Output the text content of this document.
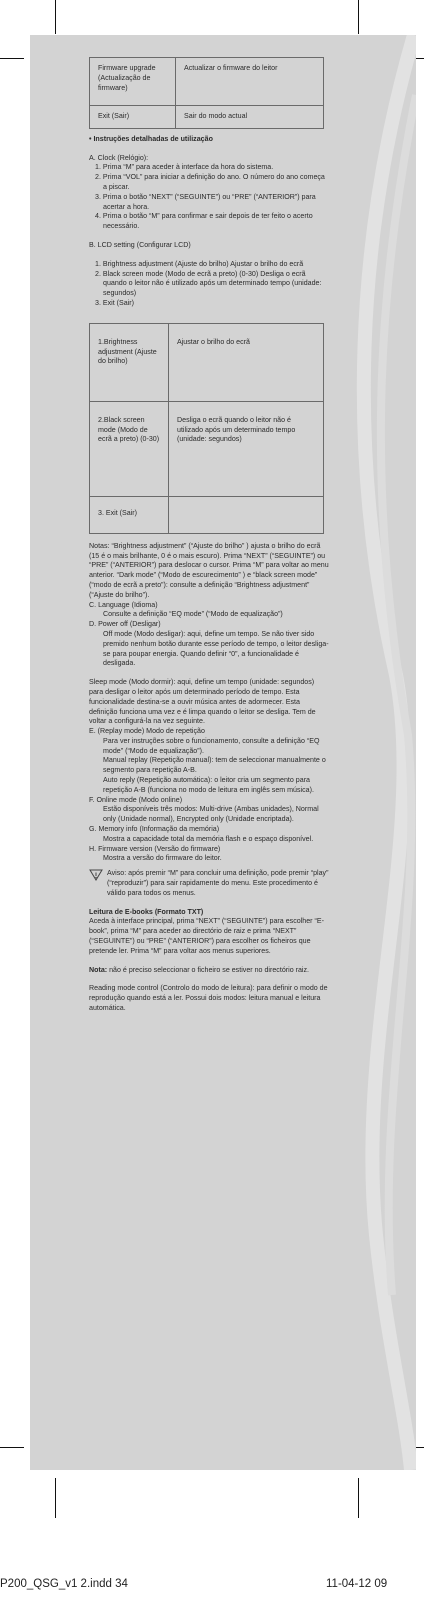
Firmware upgrade (Actualização de firmware)	Actualizar o firmware do leitor
Exit (Sair)	Sair do modo actual

• Instruções detalhadas de utilização

A. Clock (Relógio):

1. Prima “M” para aceder à interface da hora do sistema.

2. Prima “VOL” para iniciar a definição do ano. O número do ano começa a piscar.

3. Prima o botão “NEXT” (“SEGUINTE”) ou “PRE” (“ANTERIOR”) para acertar a hora.

4. Prima o botão “M” para confirmar e sair depois de ter feito o acerto necessário.

B. LCD setting (Configurar LCD)

1. Brightness adjustment (Ajuste do brilho) Ajustar o brilho do ecrã

2. Black screen mode (Modo de ecrã a preto) (0-30) Desliga o ecrã quando o leitor não é utilizado após um determinado tempo (unidade: segundos)

3. Exit (Sair)

1.Brightness adjustment (Ajuste do brilho)	Ajustar o brilho do ecrã
2.Black screen mode (Modo de ecrã a preto) (0-30)	Desliga o ecrã quando o leitor não é utilizado após um determinado tempo (unidade: segundos)
3. Exit (Sair)	

Notas: “Brightness adjustment” (“Ajuste do brilho” ) ajusta o brilho do ecrã (15 é o mais brilhante, 0 é o mais escuro). Prima “NEXT” (“SEGUINTE”) ou “PRE” (“ANTERIOR”) para deslocar o cursor. Prima “M” para voltar ao menu anterior. “Dark mode” (“Modo de escurecimento” ) e “black screen mode” (“modo de ecrã a preto”): consulte a definição “Brightness adjustment” (“Ajuste do brilho”).

C. Language (Idioma)

Consulte a definição “EQ mode” (“Modo de equalização”)

D. Power off (Desligar)

Off mode (Modo desligar): aqui, define um tempo. Se não tiver sido premido nenhum botão durante esse período de tempo, o leitor desliga-se para poupar energia. Quando definir “0”, a funcionalidade é desligada.

Sleep mode (Modo dormir): aqui, define um tempo (unidade: segundos) para desligar o leitor após um determinado período de tempo. Esta funcionalidade destina-se a ouvir música antes de adormecer. Esta definição funciona uma vez e é limpa quando o leitor se desliga. Tem de voltar a configurá-la na vez seguinte.

E. (Replay mode) Modo de repetição

Para ver instruções sobre o funcionamento, consulte a definição “EQ mode” (“Modo de equalização”).

Manual replay (Repetição manual): tem de seleccionar manualmente o segmento para repetição A-B.

Auto reply (Repetição automática): o leitor cria um segmento para repetição A-B (funciona no modo de leitura em inglês sem música).

F. Online mode (Modo online)

Estão disponíveis três modos: Multi-drive (Ambas unidades), Normal only (Unidade normal), Encrypted only (Unidade encriptada).

G. Memory info (Informação da memória)

Mostra a capacidade total da memória flash e o espaço disponível.

H. Firmware version (Versão do firmware)

Mostra a versão do firmware do leitor.

Aviso: após premir “M” para concluir uma definição, pode premir “play” (“reproduzir”) para sair rapidamente do menu. Este procedimento é válido para todos os menus.

Leitura de E-books (Formato TXT)

Aceda à interface principal, prima “NEXT” (“SEGUINTE”) para escolher “E-book”, prima “M” para aceder ao directório de raiz e prima “NEXT” (“SEGUINTE”) ou “PRE” (“ANTERIOR”) para escolher os ficheiros que pretende ler. Prima “M” para voltar aos menus superiores.

Nota: não é preciso seleccionar o ficheiro se estiver no directório raiz.

Reading mode control (Controlo do modo de leitura): para definir o modo de reprodução quando está a ler. Possui dois modos: leitura manual e leitura automática.

P200_QSG_v1 2.indd 34	11-04-12 09
